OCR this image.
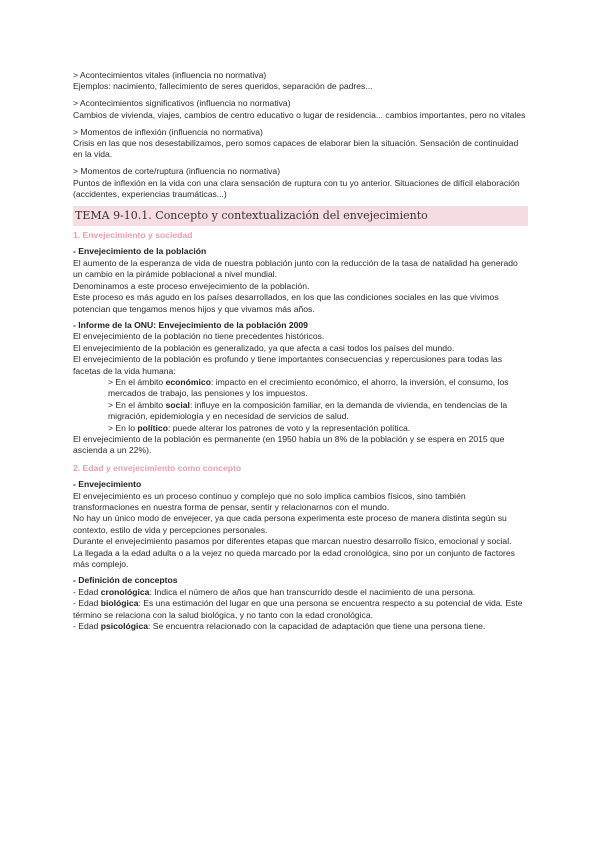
> Acontecimientos vitales (influencia no normativa)

Ejemplos: nacimiento, fallecimiento de seres queridos, separación de padres...

> Acontecimientos significativos (influencia no normativa)

Cambios de vivienda, viajes, cambios de centro educativo o lugar de residencia... cambios importantes, pero no vitales

> Momentos de inflexión (influencia no normativa)

Crisis en las que nos desestabilizamos, pero somos capaces de elaborar bien la situación. Sensación de continuidad en la vida.

> Momentos de corte/ruptura (influencia no normativa)

Puntos de inflexión en la vida con una clara sensación de ruptura con tu yo anterior. Situaciones de difícil elaboración (accidentes, experiencias traumáticas...)

TEMA 9-10.1. Concepto y contextualización del envejecimiento

1. Envejecimiento y sociedad

- Envejecimiento de la población

El aumento de la esperanza de vida de nuestra población junto con la reducción de la tasa de natalidad ha generado un cambio en la pirámide poblacional a nivel mundial.

Denominamos a este proceso envejecimiento de la población.

Este proceso es más agudo en los países desarrollados, en los que las condiciones sociales en las que vivimos potencian que tengamos menos hijos y que vivamos más años.

- Informe de la ONU: Envejecimiento de la población 2009

El envejecimiento de la población no tiene precedentes históricos.

El envejecimiento de la población es generalizado, ya que afecta a casi todos los países del mundo.

El envejecimiento de la población es profundo y tiene importantes consecuencias y repercusiones para todas las facetas de la vida humana:

> En el ámbito económico: impacto en el crecimiento económico, el ahorro, la inversión, el consumo, los mercados de trabajo, las pensiones y los impuestos.

> En el ámbito social: influye en la composición familiar, en la demanda de vivienda, en tendencias de la migración, epidemiología y en necesidad de servicios de salud.

> En lo político: puede alterar los patrones de voto y la representación política.

El envejecimiento de la población es permanente (en 1950 había un 8% de la población y se espera en 2015 que ascienda a un 22%).

2. Edad y envejecimiento como concepto

- Envejecimiento

El envejecimiento es un proceso continuo y complejo que no solo implica cambios físicos, sino también transformaciones en nuestra forma de pensar, sentir y relacionarnos con el mundo.

No hay un único modo de envejecer, ya que cada persona experimenta este proceso de manera distinta según su contexto, estilo de vida y percepciones personales.

Durante el envejecimiento pasamos por diferentes etapas que marcan nuestro desarrollo físico, emocional y social.

La llegada a la edad adulta o a la vejez no queda marcado por la edad cronológica, sino por un conjunto de factores más complejo.

- Definición de conceptos

- Edad cronológica: Indica el número de años que han transcurrido desde el nacimiento de una persona.

- Edad biológica: Es una estimación del lugar en que una persona se encuentra respecto a su potencial de vida. Este término se relaciona con la salud biológica, y no tanto con la edad cronológica.

- Edad psicológica: Se encuentra relacionado con la capacidad de adaptación que tiene una persona tiene.
